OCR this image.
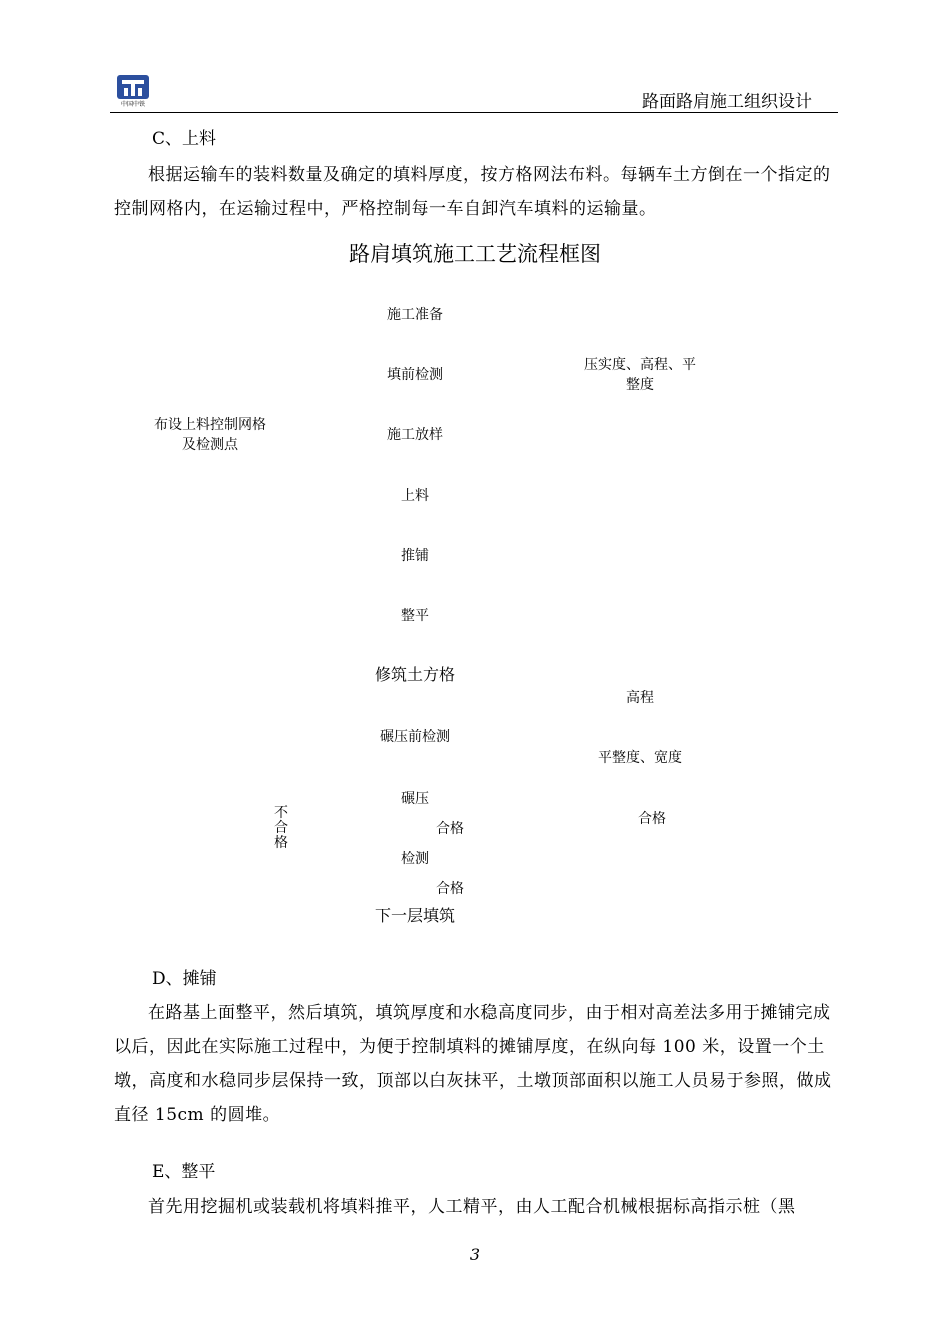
中国中铁	路面路肩施工组织设计
C、上料
根据运输车的装料数量及确定的填料厚度，按方格网法布料。每辆车土方倒在一个指定的控制网格内，在运输过程中，严格控制每一车自卸汽车填料的运输量。
路肩填筑施工工艺流程框图
施工准备
填前检测
施工放样
上料
推铺
整平
修筑土方格
碾压前检测
碾压
检测
下一层填筑
布设上料控制网格及检测点
压实度、高程、平整度
高程
平整度、宽度
合格
合格
合格
不合格
D、摊铺
在路基上面整平，然后填筑，填筑厚度和水稳高度同步，由于相对高差法多用于摊铺完成以后，因此在实际施工过程中，为便于控制填料的摊铺厚度，在纵向每 100 米，设置一个土墩，高度和水稳同步层保持一致，顶部以白灰抹平，土墩顶部面积以施工人员易于参照，做成直径 15cm 的圆堆。
E、整平
首先用挖掘机或装载机将填料推平，人工精平，由人工配合机械根据标高指示桩（黑
3
